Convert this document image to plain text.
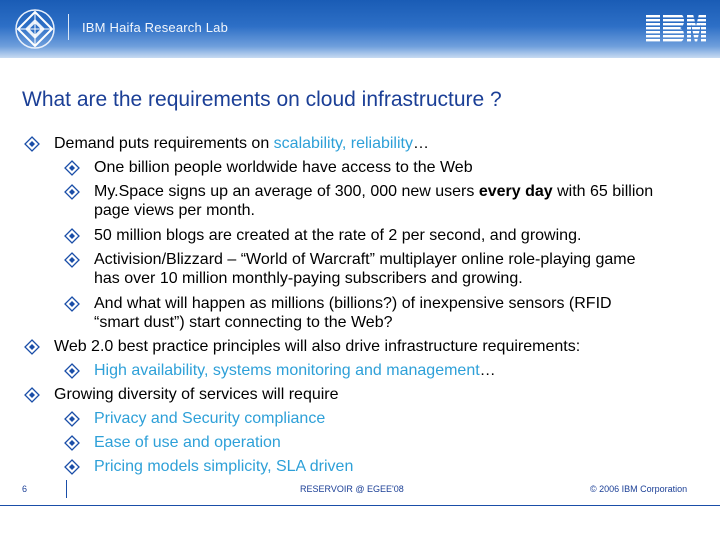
IBM Haifa Research Lab
What are the requirements on cloud infrastructure ?
Demand puts requirements on scalability, reliability…
One billion people worldwide have access to the Web
My.Space signs up an average of 300, 000 new users every day with 65 billion
page views per month.
50 million blogs are created at the rate of 2 per second, and growing.
Activision/Blizzard – “World of Warcraft” multiplayer online role-playing game
has over 10 million monthly-paying subscribers and growing.
And what will happen as millions (billions?) of inexpensive sensors (RFID
“smart dust”) start connecting to the Web?
Web 2.0 best practice principles will also drive infrastructure requirements:
High availability, systems monitoring and management…
Growing diversity of services will require
Privacy and Security compliance
Ease of use and operation
Pricing models simplicity, SLA driven
6	RESERVOIR @ EGEE'08	© 2006 IBM Corporation
